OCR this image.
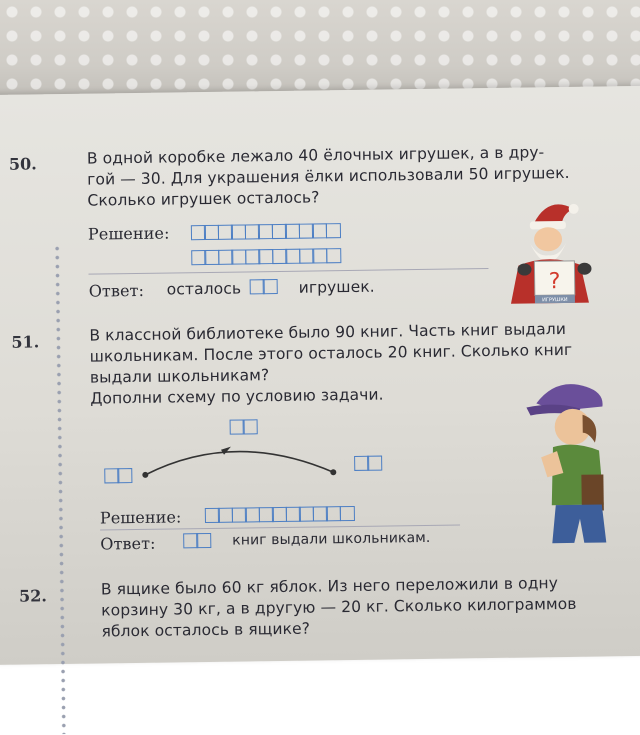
50.	В одной коробке лежало 40 ёлочных игрушек, а в дру-
гой — 30. Для украшения ёлки использовали 50 игрушек.
Сколько игрушек осталось?
Решение:
Ответ: осталось	игрушек.	?
ИГРУШКИ
51.	В классной библиотеке было 90 книг. Часть книг выдали
школьникам. После этого осталось 20 книг. Сколько книг
выдали школьникам?
Дополни схему по условию задачи.
Решение:
Ответ:	книг выдали школьникам.
52.	В ящике было 60 кг яблок. Из него переложили в одну
корзину 30 кг, а в другую — 20 кг. Сколько килограммов
яблок осталось в ящике?
